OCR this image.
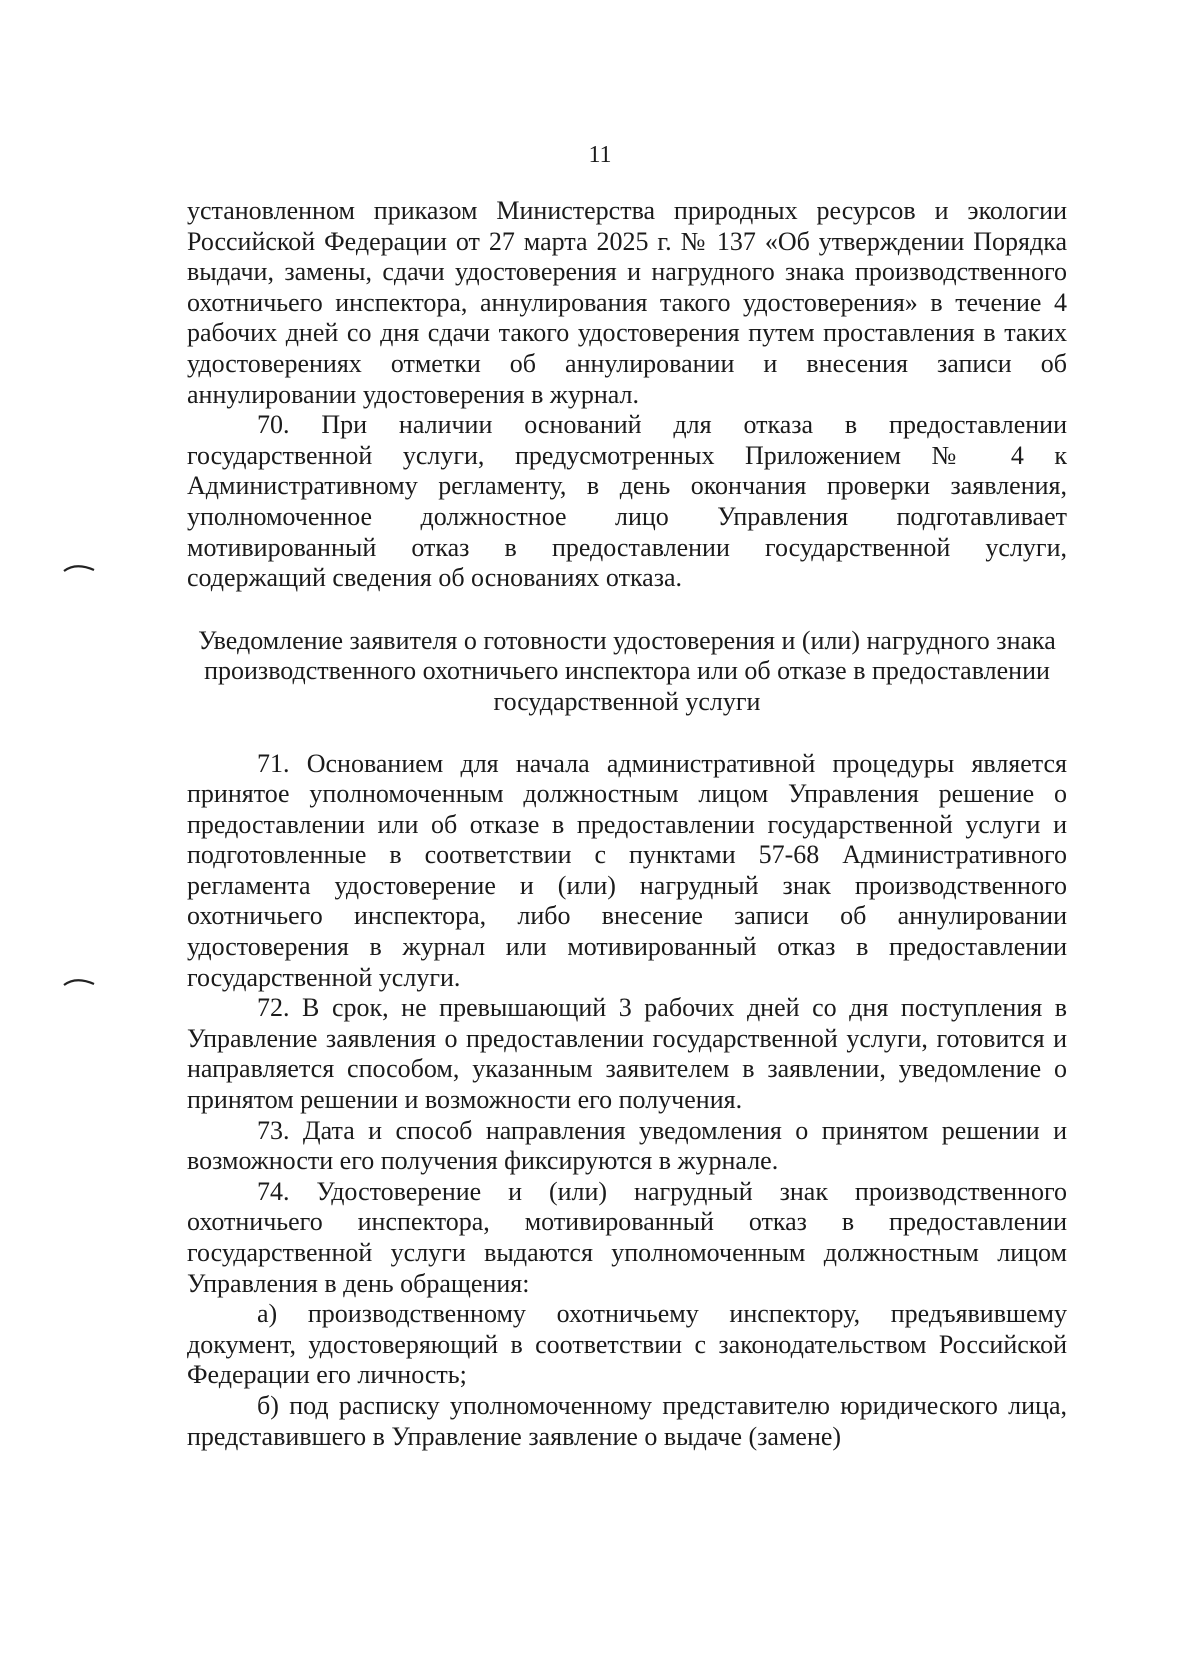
11

установленном приказом Министерства природных ресурсов и экологии Российской Федерации от 27 марта 2025 г. № 137 «Об утверждении Порядка выдачи, замены, сдачи удостоверения и нагрудного знака производственного охотничьего инспектора, аннулирования такого удостоверения» в течение 4 рабочих дней со дня сдачи такого удостоверения путем проставления в таких удостоверениях отметки об аннулировании и внесения записи об аннулировании удостоверения в журнал.

70. При наличии оснований для отказа в предоставлении государственной услуги, предусмотренных Приложением № 4 к Административному регламенту, в день окончания проверки заявления, уполномоченное должностное лицо Управления подготавливает мотивированный отказ в предоставлении государственной услуги, содержащий сведения об основаниях отказа.

Уведомление заявителя о готовности удостоверения и (или) нагрудного знака производственного охотничьего инспектора или об отказе в предоставлении государственной услуги

71. Основанием для начала административной процедуры является принятое уполномоченным должностным лицом Управления решение о предоставлении или об отказе в предоставлении государственной услуги и подготовленные в соответствии с пунктами 57-68 Административного регламента удостоверение и (или) нагрудный знак производственного охотничьего инспектора, либо внесение записи об аннулировании удостоверения в журнал или мотивированный отказ в предоставлении государственной услуги.

72. В срок, не превышающий 3 рабочих дней со дня поступления в Управление заявления о предоставлении государственной услуги, готовится и направляется способом, указанным заявителем в заявлении, уведомление о принятом решении и возможности его получения.

73. Дата и способ направления уведомления о принятом решении и возможности его получения фиксируются в журнале.

74. Удостоверение и (или) нагрудный знак производственного охотничьего инспектора, мотивированный отказ в предоставлении государственной услуги выдаются уполномоченным должностным лицом Управления в день обращения:

а) производственному охотничьему инспектору, предъявившему документ, удостоверяющий в соответствии с законодательством Российской Федерации его личность;

б) под расписку уполномоченному представителю юридического лица, представившего в Управление заявление о выдаче (замене)
